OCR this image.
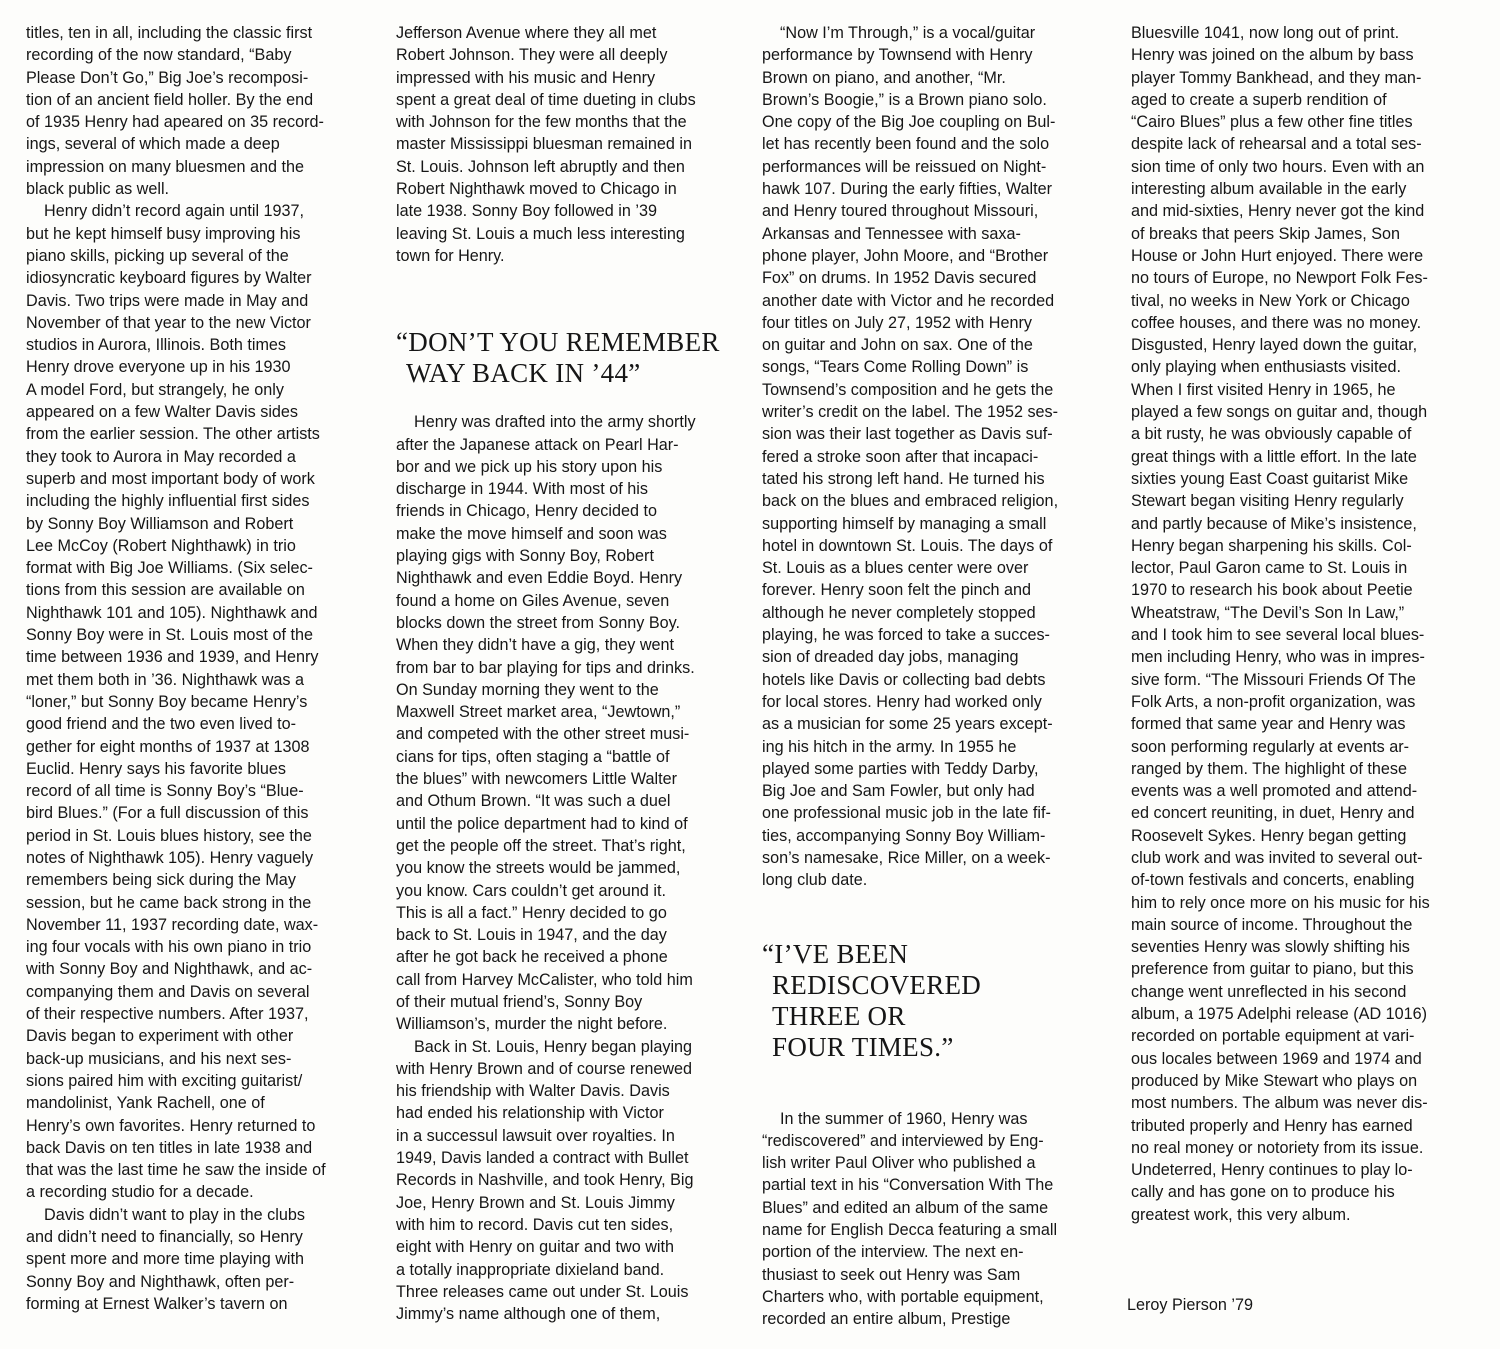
titles, ten in all, including the classic first
recording of the now standard, “Baby
Please Don’t Go,” Big Joe’s recomposi-
tion of an ancient field holler. By the end
of 1935 Henry had apeared on 35 record-
ings, several of which made a deep
impression on many bluesmen and the
black public as well.
Henry didn’t record again until 1937,
but he kept himself busy improving his
piano skills, picking up several of the
idiosyncratic keyboard figures by Walter
Davis. Two trips were made in May and
November of that year to the new Victor
studios in Aurora, Illinois. Both times
Henry drove everyone up in his 1930
A model Ford, but strangely, he only
appeared on a few Walter Davis sides
from the earlier session. The other artists
they took to Aurora in May recorded a
superb and most important body of work
including the highly influential first sides
by Sonny Boy Williamson and Robert
Lee McCoy (Robert Nighthawk) in trio
format with Big Joe Williams. (Six selec-
tions from this session are available on
Nighthawk 101 and 105). Nighthawk and
Sonny Boy were in St. Louis most of the
time between 1936 and 1939, and Henry
met them both in ’36. Nighthawk was a
“loner,” but Sonny Boy became Henry’s
good friend and the two even lived to-
gether for eight months of 1937 at 1308
Euclid. Henry says his favorite blues
record of all time is Sonny Boy’s “Blue-
bird Blues.” (For a full discussion of this
period in St. Louis blues history, see the
notes of Nighthawk 105). Henry vaguely
remembers being sick during the May
session, but he came back strong in the
November 11, 1937 recording date, wax-
ing four vocals with his own piano in trio
with Sonny Boy and Nighthawk, and ac-
companying them and Davis on several
of their respective numbers. After 1937,
Davis began to experiment with other
back-up musicians, and his next ses-
sions paired him with exciting guitarist/
mandolinist, Yank Rachell, one of
Henry’s own favorites. Henry returned to
back Davis on ten titles in late 1938 and
that was the last time he saw the inside of
a recording studio for a decade.
Davis didn’t want to play in the clubs
and didn’t need to financially, so Henry
spent more and more time playing with
Sonny Boy and Nighthawk, often per-
forming at Ernest Walker’s tavern on
Jefferson Avenue where they all met
Robert Johnson. They were all deeply
impressed with his music and Henry
spent a great deal of time dueting in clubs
with Johnson for the few months that the
master Mississippi bluesman remained in
St. Louis. Johnson left abruptly and then
Robert Nighthawk moved to Chicago in
late 1938. Sonny Boy followed in ’39
leaving St. Louis a much less interesting
town for Henry.
“DON’T YOU REMEMBER
WAY BACK IN ’44”
Henry was drafted into the army shortly
after the Japanese attack on Pearl Har-
bor and we pick up his story upon his
discharge in 1944. With most of his
friends in Chicago, Henry decided to
make the move himself and soon was
playing gigs with Sonny Boy, Robert
Nighthawk and even Eddie Boyd. Henry
found a home on Giles Avenue, seven
blocks down the street from Sonny Boy.
When they didn’t have a gig, they went
from bar to bar playing for tips and drinks.
On Sunday morning they went to the
Maxwell Street market area, “Jewtown,”
and competed with the other street musi-
cians for tips, often staging a “battle of
the blues” with newcomers Little Walter
and Othum Brown. “It was such a duel
until the police department had to kind of
get the people off the street. That’s right,
you know the streets would be jammed,
you know. Cars couldn’t get around it.
This is all a fact.” Henry decided to go
back to St. Louis in 1947, and the day
after he got back he received a phone
call from Harvey McCalister, who told him
of their mutual friend’s, Sonny Boy
Williamson’s, murder the night before.
Back in St. Louis, Henry began playing
with Henry Brown and of course renewed
his friendship with Walter Davis. Davis
had ended his relationship with Victor
in a successul lawsuit over royalties. In
1949, Davis landed a contract with Bullet
Records in Nashville, and took Henry, Big
Joe, Henry Brown and St. Louis Jimmy
with him to record. Davis cut ten sides,
eight with Henry on guitar and two with
a totally inappropriate dixieland band.
Three releases came out under St. Louis
Jimmy’s name although one of them,
“Now I’m Through,” is a vocal/guitar
performance by Townsend with Henry
Brown on piano, and another, “Mr.
Brown’s Boogie,” is a Brown piano solo.
One copy of the Big Joe coupling on Bul-
let has recently been found and the solo
performances will be reissued on Night-
hawk 107. During the early fifties, Walter
and Henry toured throughout Missouri,
Arkansas and Tennessee with saxa-
phone player, John Moore, and “Brother
Fox” on drums. In 1952 Davis secured
another date with Victor and he recorded
four titles on July 27, 1952 with Henry
on guitar and John on sax. One of the
songs, “Tears Come Rolling Down” is
Townsend’s composition and he gets the
writer’s credit on the label. The 1952 ses-
sion was their last together as Davis suf-
fered a stroke soon after that incapaci-
tated his strong left hand. He turned his
back on the blues and embraced religion,
supporting himself by managing a small
hotel in downtown St. Louis. The days of
St. Louis as a blues center were over
forever. Henry soon felt the pinch and
although he never completely stopped
playing, he was forced to take a succes-
sion of dreaded day jobs, managing
hotels like Davis or collecting bad debts
for local stores. Henry had worked only
as a musician for some 25 years except-
ing his hitch in the army. In 1955 he
played some parties with Teddy Darby,
Big Joe and Sam Fowler, but only had
one professional music job in the late fif-
ties, accompanying Sonny Boy William-
son’s namesake, Rice Miller, on a week-
long club date.
“I’VE BEEN
REDISCOVERED
THREE OR
FOUR TIMES.”
In the summer of 1960, Henry was
“rediscovered” and interviewed by Eng-
lish writer Paul Oliver who published a
partial text in his “Conversation With The
Blues” and edited an album of the same
name for English Decca featuring a small
portion of the interview. The next en-
thusiast to seek out Henry was Sam
Charters who, with portable equipment,
recorded an entire album, Prestige
Bluesville 1041, now long out of print.
Henry was joined on the album by bass
player Tommy Bankhead, and they man-
aged to create a superb rendition of
“Cairo Blues” plus a few other fine titles
despite lack of rehearsal and a total ses-
sion time of only two hours. Even with an
interesting album available in the early
and mid-sixties, Henry never got the kind
of breaks that peers Skip James, Son
House or John Hurt enjoyed. There were
no tours of Europe, no Newport Folk Fes-
tival, no weeks in New York or Chicago
coffee houses, and there was no money.
Disgusted, Henry layed down the guitar,
only playing when enthusiasts visited.
When I first visited Henry in 1965, he
played a few songs on guitar and, though
a bit rusty, he was obviously capable of
great things with a little effort. In the late
sixties young East Coast guitarist Mike
Stewart began visiting Henry regularly
and partly because of Mike’s insistence,
Henry began sharpening his skills. Col-
lector, Paul Garon came to St. Louis in
1970 to research his book about Peetie
Wheatstraw, “The Devil’s Son In Law,”
and I took him to see several local blues-
men including Henry, who was in impres-
sive form. “The Missouri Friends Of The
Folk Arts, a non-profit organization, was
formed that same year and Henry was
soon performing regularly at events ar-
ranged by them. The highlight of these
events was a well promoted and attend-
ed concert reuniting, in duet, Henry and
Roosevelt Sykes. Henry began getting
club work and was invited to several out-
of-town festivals and concerts, enabling
him to rely once more on his music for his
main source of income. Throughout the
seventies Henry was slowly shifting his
preference from guitar to piano, but this
change went unreflected in his second
album, a 1975 Adelphi release (AD 1016)
recorded on portable equipment at vari-
ous locales between 1969 and 1974 and
produced by Mike Stewart who plays on
most numbers. The album was never dis-
tributed properly and Henry has earned
no real money or notoriety from its issue.
Undeterred, Henry continues to play lo-
cally and has gone on to produce his
greatest work, this very album.
Leroy Pierson ’79
